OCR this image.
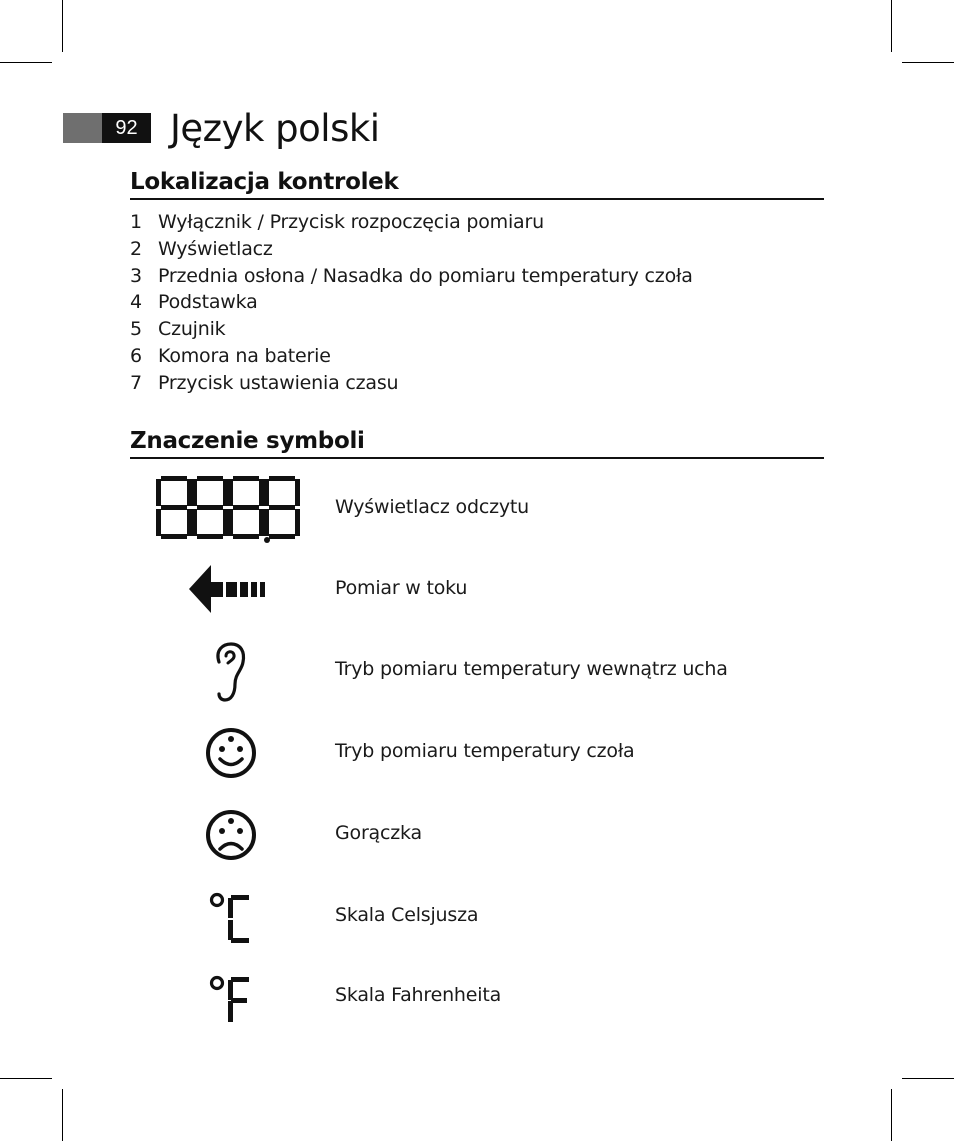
92 Język polski
Lokalizacja kontrolek
1 Wyłącznik / Przycisk rozpoczęcia pomiaru
2 Wyświetlacz
3 Przednia osłona / Nasadka do pomiaru temperatury czoła
4 Podstawka
5 Czujnik
6 Komora na baterie
7 Przycisk ustawienia czasu
Znaczenie symboli
Wyświetlacz odczytu
Pomiar w toku
Tryb pomiaru temperatury wewnątrz ucha
Tryb pomiaru temperatury czoła
Gorączka
Skala Celsjusza
Skala Fahrenheita
